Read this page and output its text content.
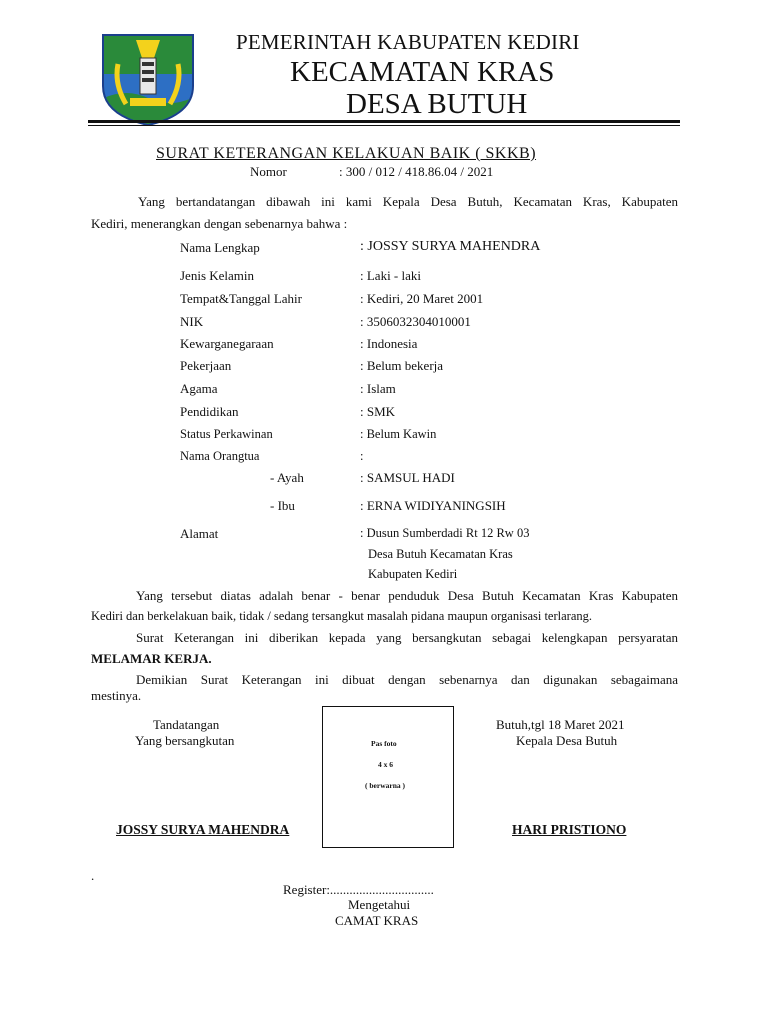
PEMERINTAH KABUPATEN KEDIRI
KECAMATAN KRAS
DESA BUTUH
SURAT KETERANGAN KELAKUAN BAIK ( SKKB)
Nomor	: 300 / 012 / 418.86.04 / 2021
Yang bertandatangan dibawah ini kami Kepala Desa Butuh, Kecamatan Kras, Kabupaten
Kediri, menerangkan dengan sebenarnya bahwa :
Nama Lengkap	: JOSSY SURYA MAHENDRA
Jenis Kelamin	: Laki - laki
Tempat&Tanggal Lahir	: Kediri, 20 Maret 2001
NIK	: 3506032304010001
Kewarganegaraan	: Indonesia
Pekerjaan	: Belum bekerja
Agama	: Islam
Pendidikan	: SMK
Status Perkawinan	: Belum Kawin
Nama Orangtua	:
- Ayah	: SAMSUL HADI
- Ibu	: ERNA WIDIYANINGSIH
Alamat	: Dusun Sumberdadi Rt 12 Rw 03
Desa Butuh Kecamatan Kras
Kabupaten Kediri
Yang tersebut diatas adalah benar - benar penduduk Desa Butuh Kecamatan Kras Kabupaten
Kediri dan berkelakuan baik, tidak / sedang tersangkut masalah pidana maupun organisasi terlarang.
Surat Keterangan ini diberikan kepada yang bersangkutan sebagai kelengkapan persyaratan
MELAMAR KERJA.
Demikian Surat Keterangan ini dibuat dengan sebenarnya dan digunakan sebagaimana
mestinya.
Tandatangan
Yang bersangkutan
JOSSY SURYA MAHENDRA
Pas foto
4 x 6
( berwarna )
Butuh,tgl 18 Maret 2021
Kepala Desa Butuh
HARI PRISTIONO
.
Register:................................
Mengetahui
CAMAT KRAS
